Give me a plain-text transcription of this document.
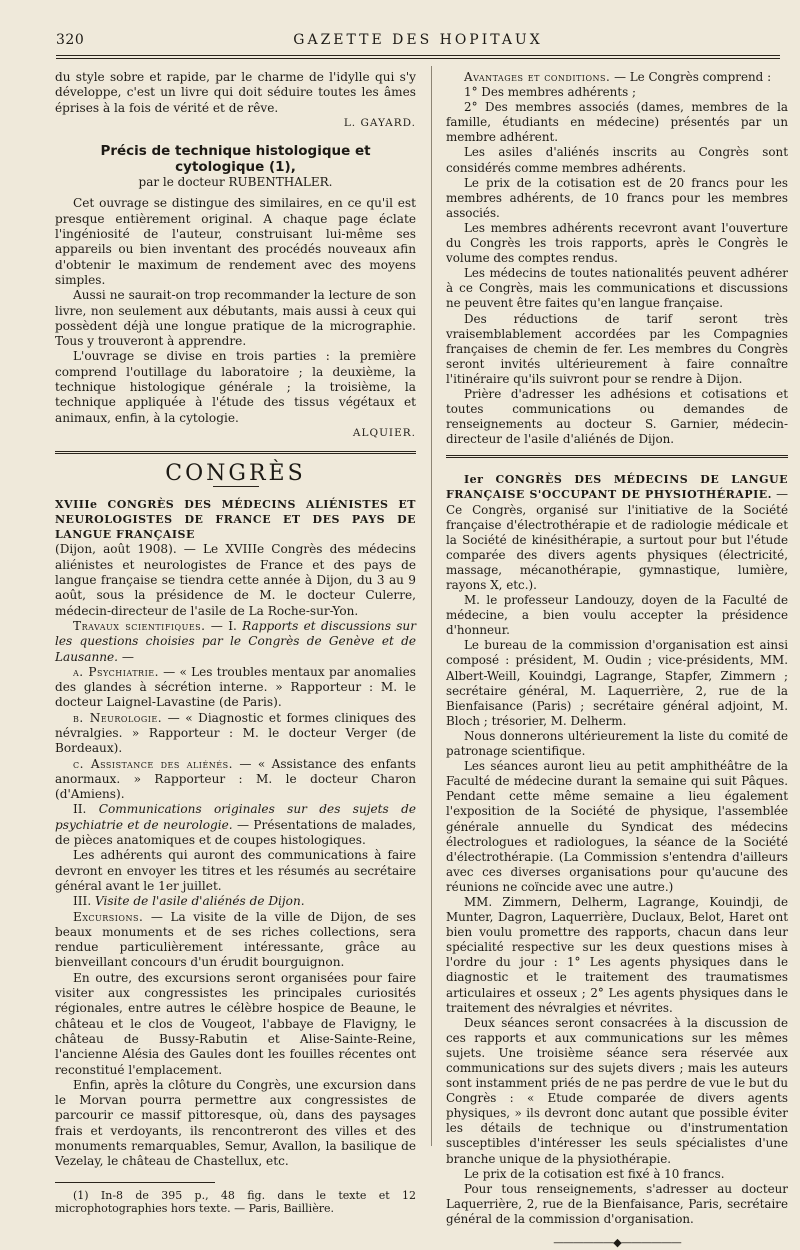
320	GAZETTE DES HOPITAUX

du style sobre et rapide, par le charme de l'idylle qui s'y développe, c'est un livre qui doit séduire toutes les âmes éprises à la fois de vérité et de rêve.

L. GAYARD.

Précis de technique histologique et cytologique (1),
par le docteur RUBENTHALER.

Cet ouvrage se distingue des similaires, en ce qu'il est presque entièrement original. A chaque page éclate l'ingéniosité de l'auteur, construisant lui-même ses appareils ou bien inventant des procédés nouveaux afin d'obtenir le maximum de rendement avec des moyens simples.

Aussi ne saurait-on trop recommander la lecture de son livre, non seulement aux débutants, mais aussi à ceux qui possèdent déjà une longue pratique de la micrographie. Tous y trouveront à apprendre.

L'ouvrage se divise en trois parties : la première comprend l'outillage du laboratoire ; la deuxième, la technique histologique générale ; la troisième, la technique appliquée à l'étude des tissus végétaux et animaux, enfin, à la cytologie.

ALQUIER.

CONGRÈS

XVIIIe CONGRÈS DES MÉDECINS ALIÉNISTES ET NEUROLOGISTES DE FRANCE ET DES PAYS DE LANGUE FRANÇAISE

(Dijon, août 1908). — Le XVIIIe Congrès des médecins aliénistes et neurologistes de France et des pays de langue française se tiendra cette année à Dijon, du 3 au 9 août, sous la présidence de M. le docteur Culerre, médecin-directeur de l'asile de La Roche-sur-Yon.

Travaux scientifiques. — I. Rapports et discussions sur les questions choisies par le Congrès de Genève et de Lausanne. —

a. Psychiatrie. — « Les troubles mentaux par anomalies des glandes à sécrétion interne. » Rapporteur : M. le docteur Laignel-Lavastine (de Paris).

b. Neurologie. — « Diagnostic et formes cliniques des névralgies. » Rapporteur : M. le docteur Verger (de Bordeaux).

c. Assistance des aliénés. — « Assistance des enfants anormaux. » Rapporteur : M. le docteur Charon (d'Amiens).

II. Communications originales sur des sujets de psychiatrie et de neurologie. — Présentations de malades, de pièces anatomiques et de coupes histologiques.

Les adhérents qui auront des communications à faire devront en envoyer les titres et les résumés au secrétaire général avant le 1er juillet.

III. Visite de l'asile d'aliénés de Dijon.

Excursions. — La visite de la ville de Dijon, de ses beaux monuments et de ses riches collections, sera rendue particulièrement intéressante, grâce au bienveillant concours d'un érudit bourguignon.

En outre, des excursions seront organisées pour faire visiter aux congressistes les principales curiosités régionales, entre autres le célèbre hospice de Beaune, le château et le clos de Vougeot, l'abbaye de Flavigny, le château de Bussy-Rabutin et Alise-Sainte-Reine, l'ancienne Alésia des Gaules dont les fouilles récentes ont reconstitué l'emplacement.

Enfin, après la clôture du Congrès, une excursion dans le Morvan pourra permettre aux congressistes de parcourir ce massif pittoresque, où, dans des paysages frais et verdoyants, ils rencontreront des villes et des monuments remarquables, Semur, Avallon, la basilique de Vezelay, le château de Chastellux, etc.

(1) In-8 de 395 p., 48 fig. dans le texte et 12 microphotographies hors texte. — Paris, Baillière.

Avantages et conditions. — Le Congrès comprend :

1° Des membres adhérents ;

2° Des membres associés (dames, membres de la famille, étudiants en médecine) présentés par un membre adhérent.

Les asiles d'aliénés inscrits au Congrès sont considérés comme membres adhérents.

Le prix de la cotisation est de 20 francs pour les membres adhérents, de 10 francs pour les membres associés.

Les membres adhérents recevront avant l'ouverture du Congrès les trois rapports, après le Congrès le volume des comptes rendus.

Les médecins de toutes nationalités peuvent adhérer à ce Congrès, mais les communications et discussions ne peuvent être faites qu'en langue française.

Des réductions de tarif seront très vraisemblablement accordées par les Compagnies françaises de chemin de fer. Les membres du Congrès seront invités ultérieurement à faire connaître l'itinéraire qu'ils suivront pour se rendre à Dijon.

Prière d'adresser les adhésions et cotisations et toutes communications ou demandes de renseignements au docteur S. Garnier, médecin-directeur de l'asile d'aliénés de Dijon.

Ier CONGRÈS DES MÉDECINS DE LANGUE FRANÇAISE S'OCCUPANT DE PHYSIOTHÉRAPIE. — Ce Congrès, organisé sur l'initiative de la Société française d'électrothérapie et de radiologie médicale et la Société de kinésithérapie, a surtout pour but l'étude comparée des divers agents physiques (électricité, massage, mécanothérapie, gymnastique, lumière, rayons X, etc.).

M. le professeur Landouzy, doyen de la Faculté de médecine, a bien voulu accepter la présidence d'honneur.

Le bureau de la commission d'organisation est ainsi composé : président, M. Oudin ; vice-présidents, MM. Albert-Weill, Kouindgi, Lagrange, Stapfer, Zimmern ; secrétaire général, M. Laquerrière, 2, rue de la Bienfaisance (Paris) ; secrétaire général adjoint, M. Bloch ; trésorier, M. Delherm.

Nous donnerons ultérieurement la liste du comité de patronage scientifique.

Les séances auront lieu au petit amphithéâtre de la Faculté de médecine durant la semaine qui suit Pâques. Pendant cette même semaine a lieu également l'exposition de la Société de physique, l'assemblée générale annuelle du Syndicat des médecins électrologues et radiologues, la séance de la Société d'électrothérapie. (La Commission s'entendra d'ailleurs avec ces diverses organisations pour qu'aucune des réunions ne coïncide avec une autre.)

MM. Zimmern, Delherm, Lagrange, Kouindji, de Munter, Dagron, Laquerrière, Duclaux, Belot, Haret ont bien voulu promettre des rapports, chacun dans leur spécialité respective sur les deux questions mises à l'ordre du jour : 1° Les agents physiques dans le diagnostic et le traitement des traumatismes articulaires et osseux ; 2° Les agents physiques dans le traitement des névralgies et névrites.

Deux séances seront consacrées à la discussion de ces rapports et aux communications sur les mêmes sujets. Une troisième séance sera réservée aux communications sur des sujets divers ; mais les auteurs sont instamment priés de ne pas perdre de vue le but du Congrès : « Etude comparée de divers agents physiques, » ils devront donc autant que possible éviter les détails de technique ou d'instrumentation susceptibles d'intéresser les seuls spécialistes d'une branche unique de la physiothérapie.

Le prix de la cotisation est fixé à 10 francs.

Pour tous renseignements, s'adresser au docteur Laquerrière, 2, rue de la Bienfaisance, Paris, secrétaire général de la commission d'organisation.

——————◆——————
